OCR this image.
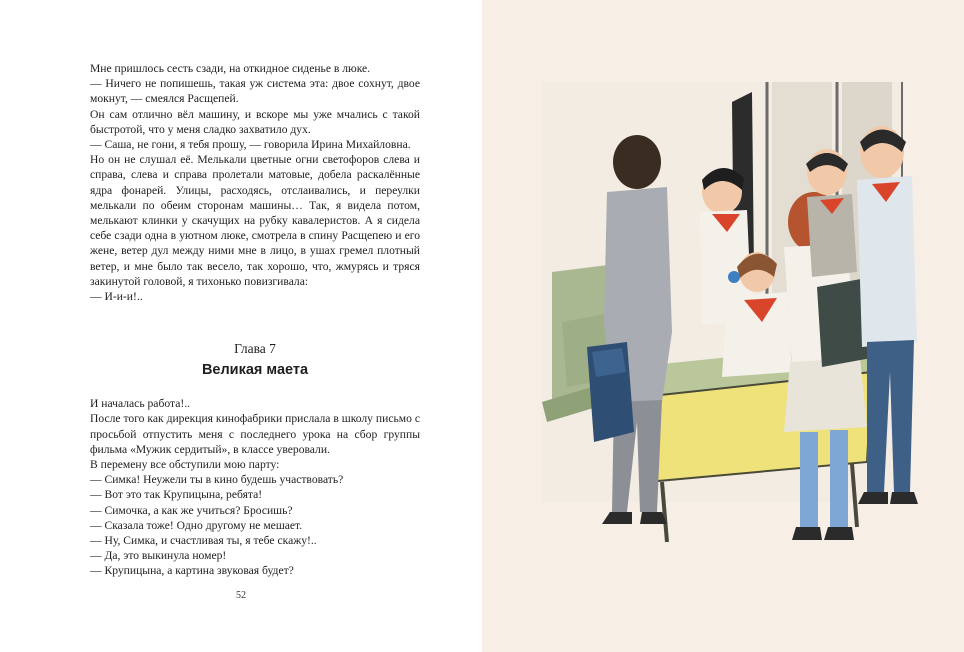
Мне пришлось сесть сзади, на откидное сиденье в люке.

— Ничего не попишешь, такая уж система эта: двое сохнут, двое мокнут, — смеялся Расщепей.

Он сам отлично вёл машину, и вскоре мы уже мчались с такой быстротой, что у меня сладко захватило дух.

— Саша, не гони, я тебя прошу, — говорила Ирина Михайловна.

Но он не слушал её. Мелькали цветные огни светофоров слева и справа, слева и справа пролетали матовые, добела раскалённые ядра фонарей. Улицы, расходясь, отслаивались, и переулки мелькали по обеим сторонам машины… Так, я видела потом, мелькают клинки у скачущих на рубку кавалеристов. А я сидела себе сзади одна в уютном люке, смотрела в спину Расщепею и его жене, ветер дул между ними мне в лицо, в ушах гремел плотный ветер, и мне было так весело, так хорошо, что, жмурясь и тряся закинутой головой, я тихонько повизгивала:

— И-и-и!..

Глава 7
Великая маета

И началась работа!..

После того как дирекция кинофабрики прислала в школу письмо с просьбой отпустить меня с последнего урока на сбор группы фильма «Мужик сердитый», в классе уверовали.

В перемену все обступили мою парту:

— Симка! Неужели ты в кино будешь участвовать?

— Вот это так Крупицына, ребята!

— Симочка, а как же учиться? Бросишь?

— Сказала тоже! Одно другому не мешает.

— Ну, Симка, и счастливая ты, я тебе скажу!..

— Да, это выкинула номер!

— Крупицына, а картина звуковая будет?

52
